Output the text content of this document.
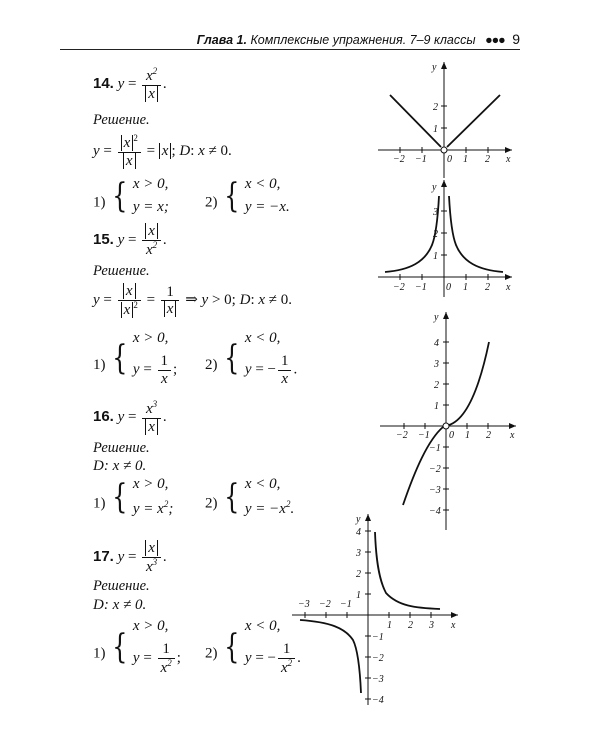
Глава 1. Комплексные упражнения. 7–9 классы ●●● 9
14. $y = \frac{x^2}{x}$ .
Решение.
$y = \frac{x ^2}{x} = x$ ; D: x ≠ 0.
1) { x > 0,
y = x; 2) { x < 0,
y = −x.
15. $y = \frac{x}{x^2}$ .
Решение.
$y = \frac{x}{x ^2} = \frac{1}{x}$ ⇒ y > 0; D: x ≠ 0.
1) {
x > 0,
$y = \frac{1}{x}$ ; 2) {
x < 0,
y = − $\frac{1}{x}$ .
16. $y = \frac{x^3}{x}$ .
Решение.
D: x ≠ 0.
1) { x > 0,
$y = x^2$; 2) { x < 0,
$y = -x^2$.
17. $y = \frac{x}{x^3}$ .
Решение.
D: x ≠ 0.
1) {
x > 0,
$y = \frac{1}{x^2}$ ; 2) {
x < 0,
y = − $\frac{1}{x^2}$ .
x
y
−2 −1 0 1 2
2
1
x
y
−2 −1 0 1 2
3
2
1
x
y
−2 −1 0 1 2
4
3
2
1
−1
−2
−3
−4
x
y
−3 −2 −1
1 2 3
4
3
2
1
−1
−2
−3
−4
